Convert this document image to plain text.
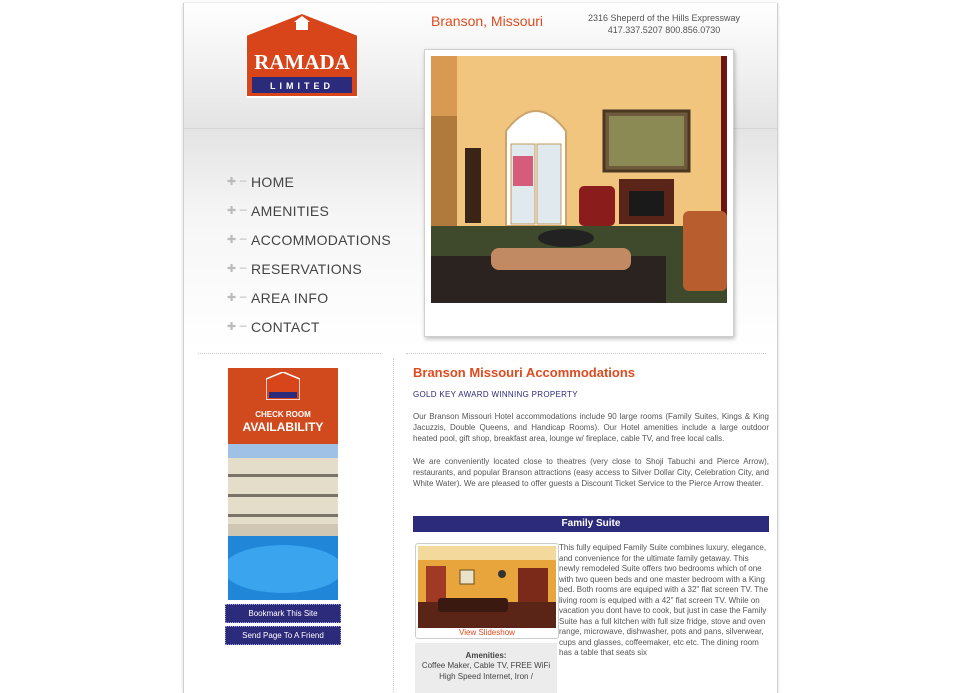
RAMADA
LIMITED
Branson, Missouri	2316 Sheperd of the Hills Expressway
417.337.5207 800.856.0730
✚ ─ HOME
✚ ─ AMENITIES
✚ ─ ACCOMMODATIONS
✚ ─ RESERVATIONS
✚ ─ AREA INFO
✚ ─ CONTACT
CHECK ROOM
AVAILABILITY
Bookmark This Site
Send Page To A Friend
Branson Missouri Accommodations
GOLD KEY AWARD WINNING PROPERTY
Our Branson Missouri Hotel accommodations include 90 large rooms (Family Suites, Kings & King Jacuzzis, Double Queens, and Handicap Rooms). Our Hotel amenities include a large outdoor heated pool, gift shop, breakfast area, lounge w/ fireplace, cable TV, and free local calls.
We are conveniently located close to theatres (very close to Shoji Tabuchi and Pierce Arrow), restaurants, and popular Branson attractions (easy access to Silver Dollar City, Celebration City, and White Water). We are pleased to offer guests a Discount Ticket Service to the Pierce Arrow theater.
Family Suite
View Slideshow
Amenities:
Coffee Maker, Cable TV, FREE WiFi High Speed Internet, Iron /
This fully equiped Family Suite combines luxury, elegance, and convenience for the ultimate family getaway. This newly remodeled Suite offers two bedrooms which of one with two queen beds and one master bedroom with a King bed. Both rooms are equiped with a 32" flat screen TV. The living room is equiped with a 42" flat screen TV. While on vacation you dont have to cook, but just in case the Family Suite has a full kitchen with full size fridge, stove and oven range, microwave, dishwasher, pots and pans, silverwear, cups and glasses, coffeemaker, etc etc. The dining room has a table that seats six
